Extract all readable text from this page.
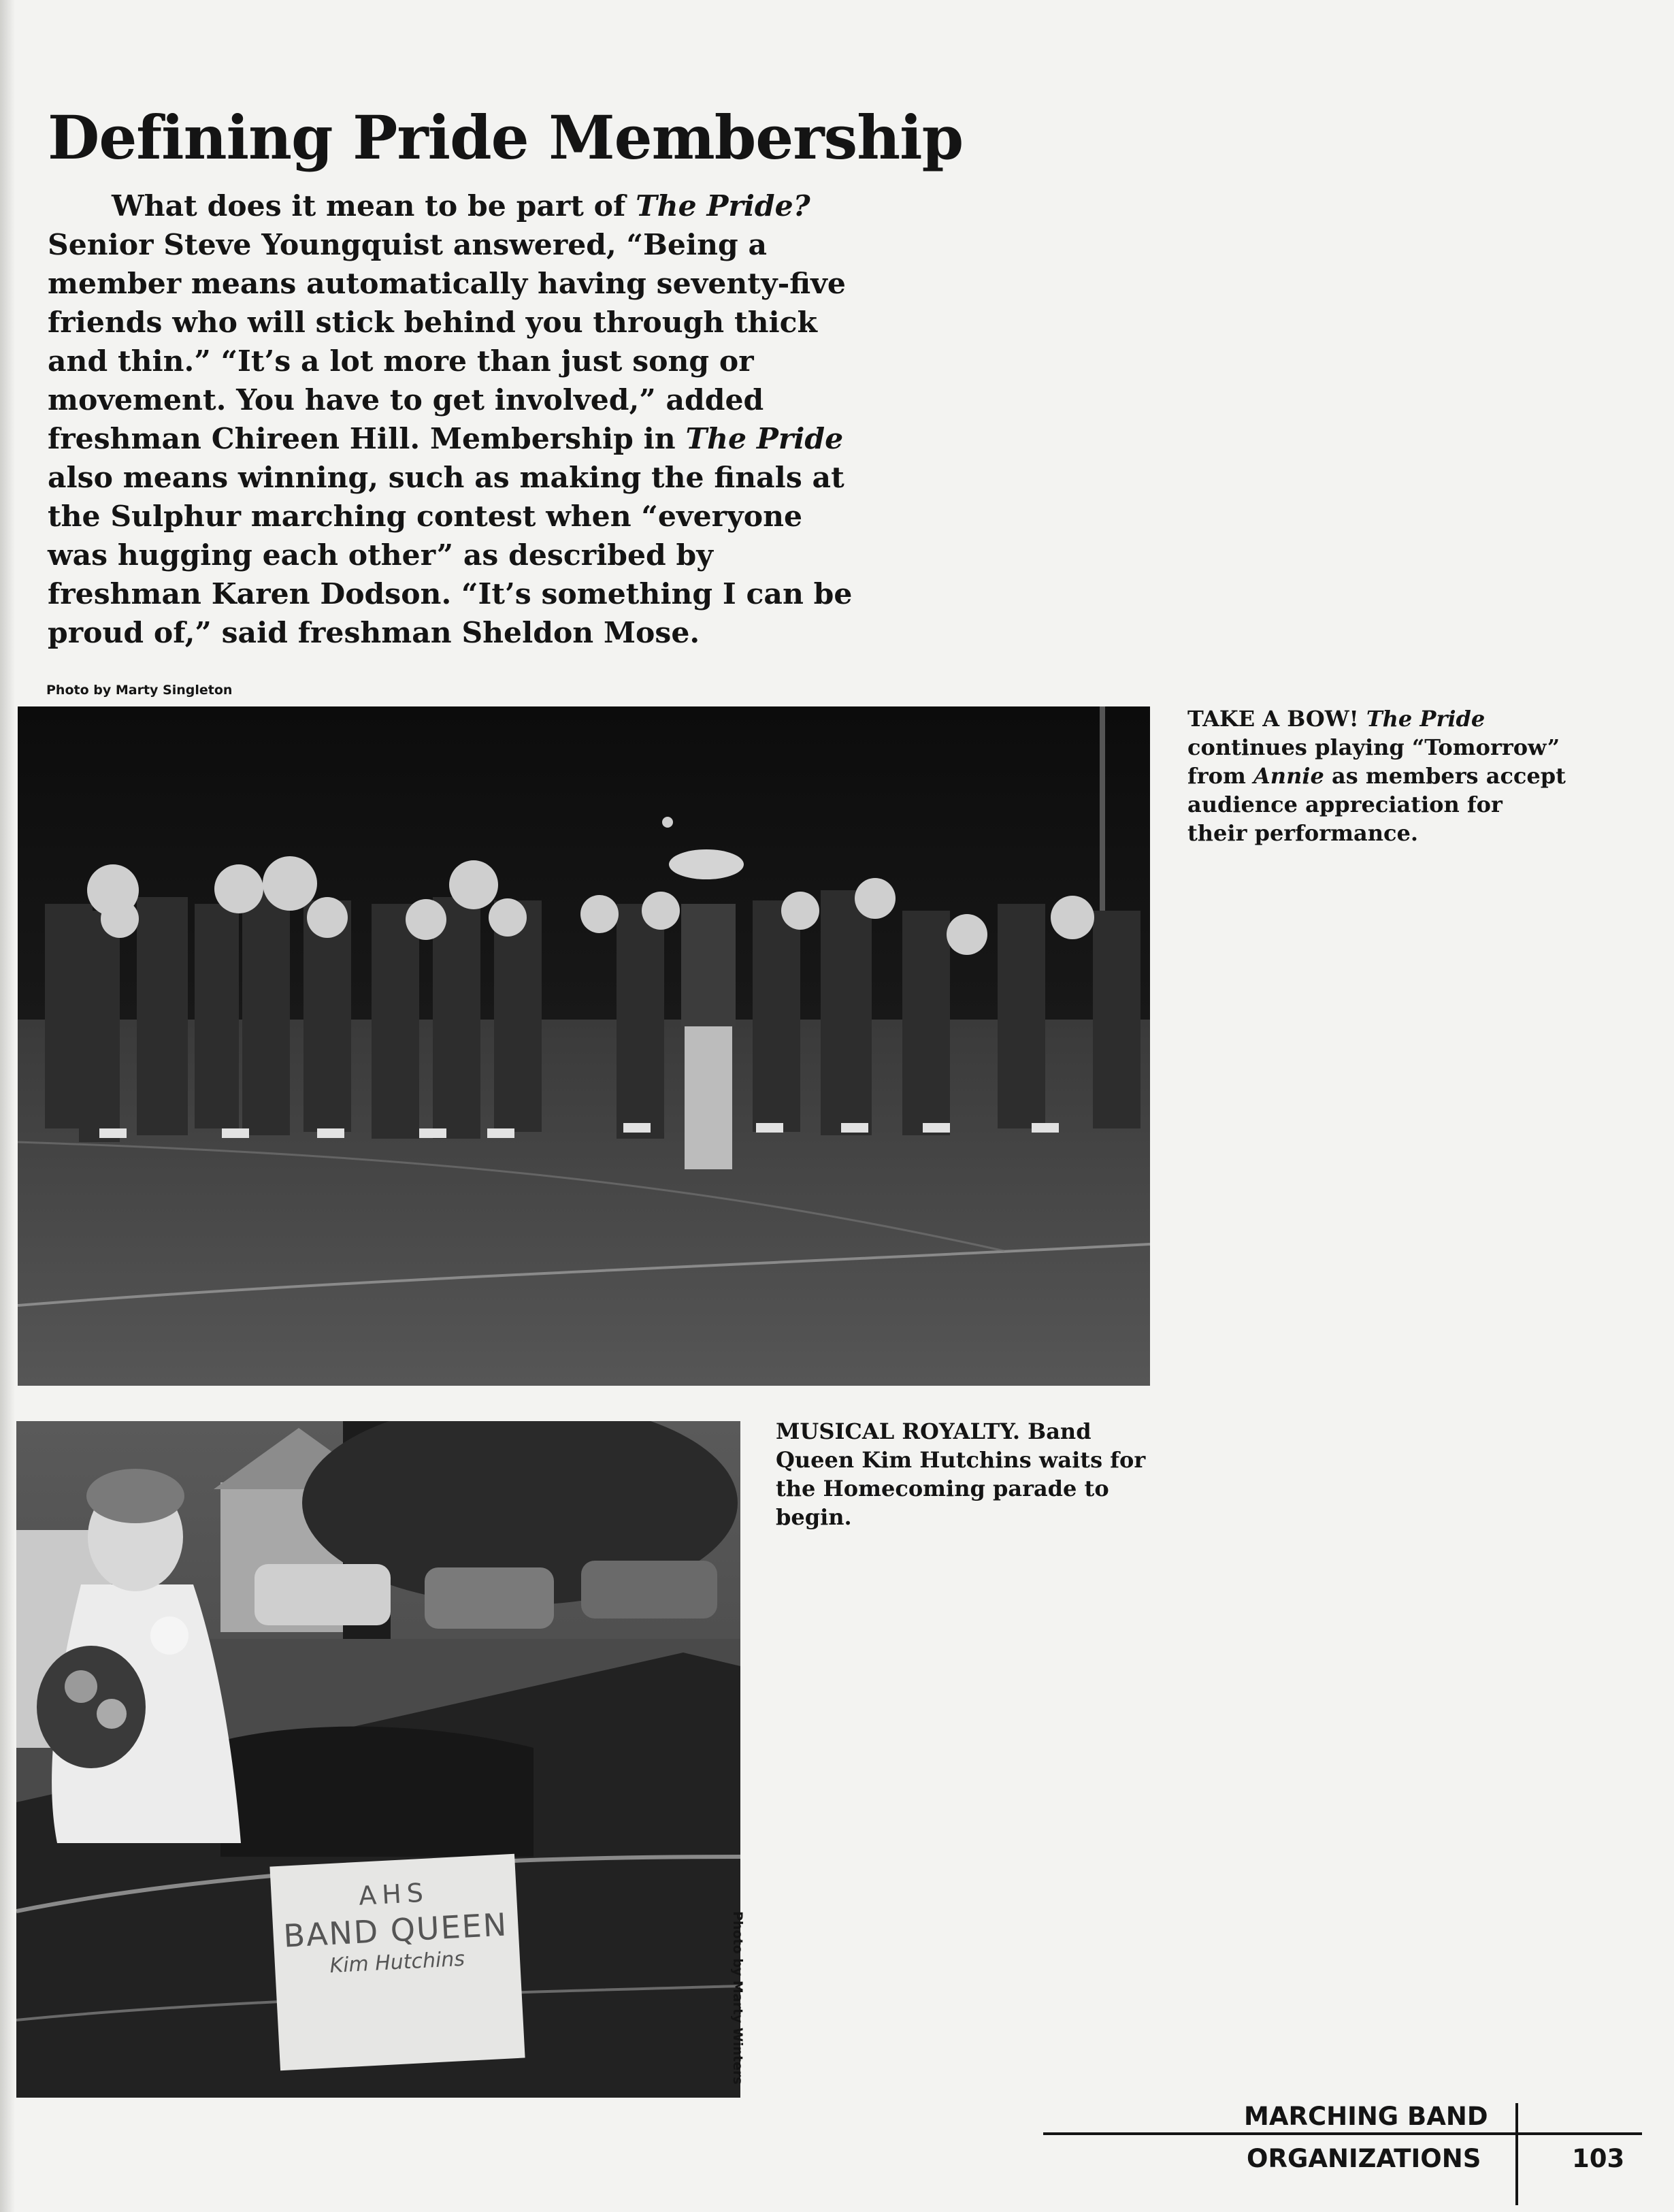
Defining Pride Membership

What does it mean to be part of The Pride? Senior Steve Youngquist answered, “Being a member means automatically having seventy-five friends who will stick behind you through thick and thin.” “It’s a lot more than just song or movement. You have to get involved,” added freshman Chireen Hill. Membership in The Pride also means winning, such as making the finals at the Sulphur marching contest when “everyone was hugging each other” as described by freshman Karen Dodson. “It’s something I can be proud of,” said freshman Sheldon Mose.

Photo by Marty Singleton

TAKE A BOW! The Pride continues playing “Tomorrow” from Annie as members accept audience appreciation for their performance.

AHS
BAND QUEEN
Kim Hutchins	Photo by Marty Winters

MUSICAL ROYALTY. Band Queen Kim Hutchins waits for the Homecoming parade to begin.

MARCHING BAND
ORGANIZATIONS	103
